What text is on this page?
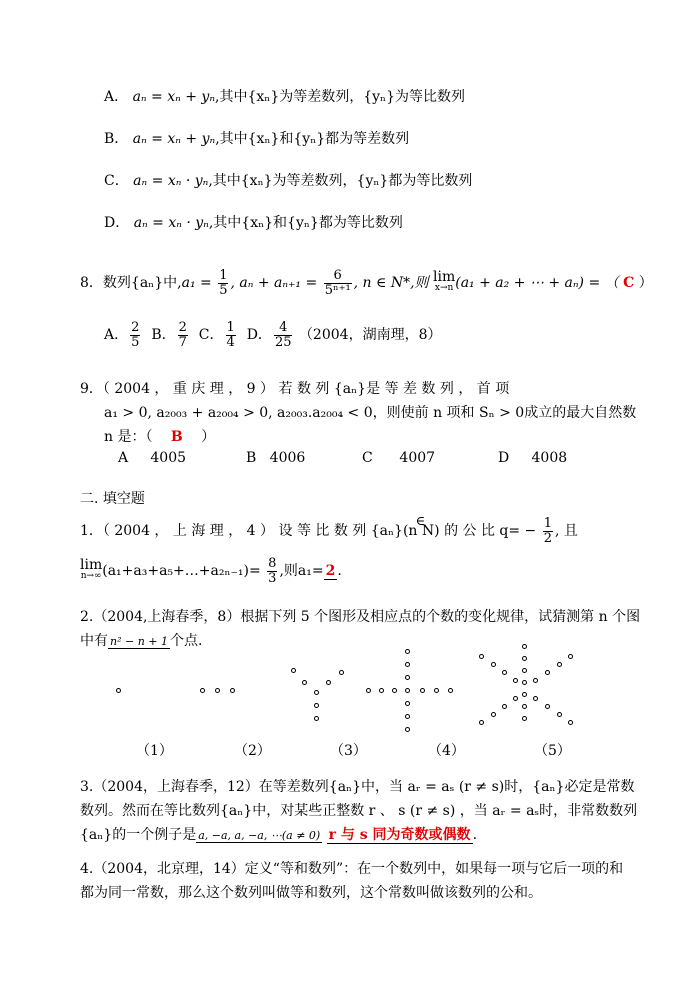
A． aₙ = xₙ + yₙ,其中{xₙ}为等差数列，{yₙ}为等比数列
B． aₙ = xₙ + yₙ,其中{xₙ}和{yₙ}都为等差数列
C． aₙ = xₙ · yₙ,其中{xₙ}为等差数列，{yₙ}都为等比数列
D． aₙ = xₙ · yₙ,其中{xₙ}和{yₙ}都为等比数列
8．数列{aₙ}中$,a_1 = \frac{1}{5}$ , $a_n + a_{n+1} = \frac{6}{\text{5ⁿ⁺¹}}$ , n ∈ N*,则 lim
x→n (a₁ + a₂ + ⋯ + aₙ) = （ C ）
A． $\frac{2}{5}$ B． $\frac{2}{7}$ C． $\frac{1}{4}$ D． $\frac{4}{25} (2004$，湖南理，8）
9．（ 2004 ， 重 庆 理 ， 9 ） 若 数 列 {aₙ}是 等 差 数 列 ， 首 项
a₁ > 0, a₂₀₀₃ + a₂₀₀₄ > 0, a₂₀₀₃.a₂₀₀₄ < 0，则使前 n 项和 Sₙ > 0成立的最大自然数
n 是：（ B ）
A 4005	B 4006	C 4007	D 4008
二. 填空题
1．（ 2004 ， 上 海 理 ， 4 ） 设 等 比 数 列 {aₙ}(n
∈
N) 的 公 比 $q= - \frac{1}{2}$ , 且
lim
n→∞ (a₁+a₃+a₅+…+a₂ₙ₋₁)= $\frac{8}{3}$ ,则a₁= 2 .
2.（2004,上海春季，8）根据下列 5 个图形及相应点的个数的变化规律，试猜测第 n 个图
中有 n² − n + 1 个点.
（1）	（2）	（3）	（4）	（5）
3.（2004，上海春季，12）在等差数列{aₙ}中，当 aᵣ = aₛ (r ≠ s)时，{aₙ}必定是常数
数列。然而在等比数列{aₙ}中，对某些正整数 r 、 s (r ≠ s) ，当 aᵣ = aₛ时，非常数数列
{aₙ}的一个例子是 a, −a, a, −a, ⋯(a ≠ 0) r 与 s 同为奇数或偶数 .
4.（2004，北京理，14）定义“等和数列”：在一个数列中，如果每一项与它后一项的和
都为同一常数，那么这个数列叫做等和数列，这个常数叫做该数列的公和。
